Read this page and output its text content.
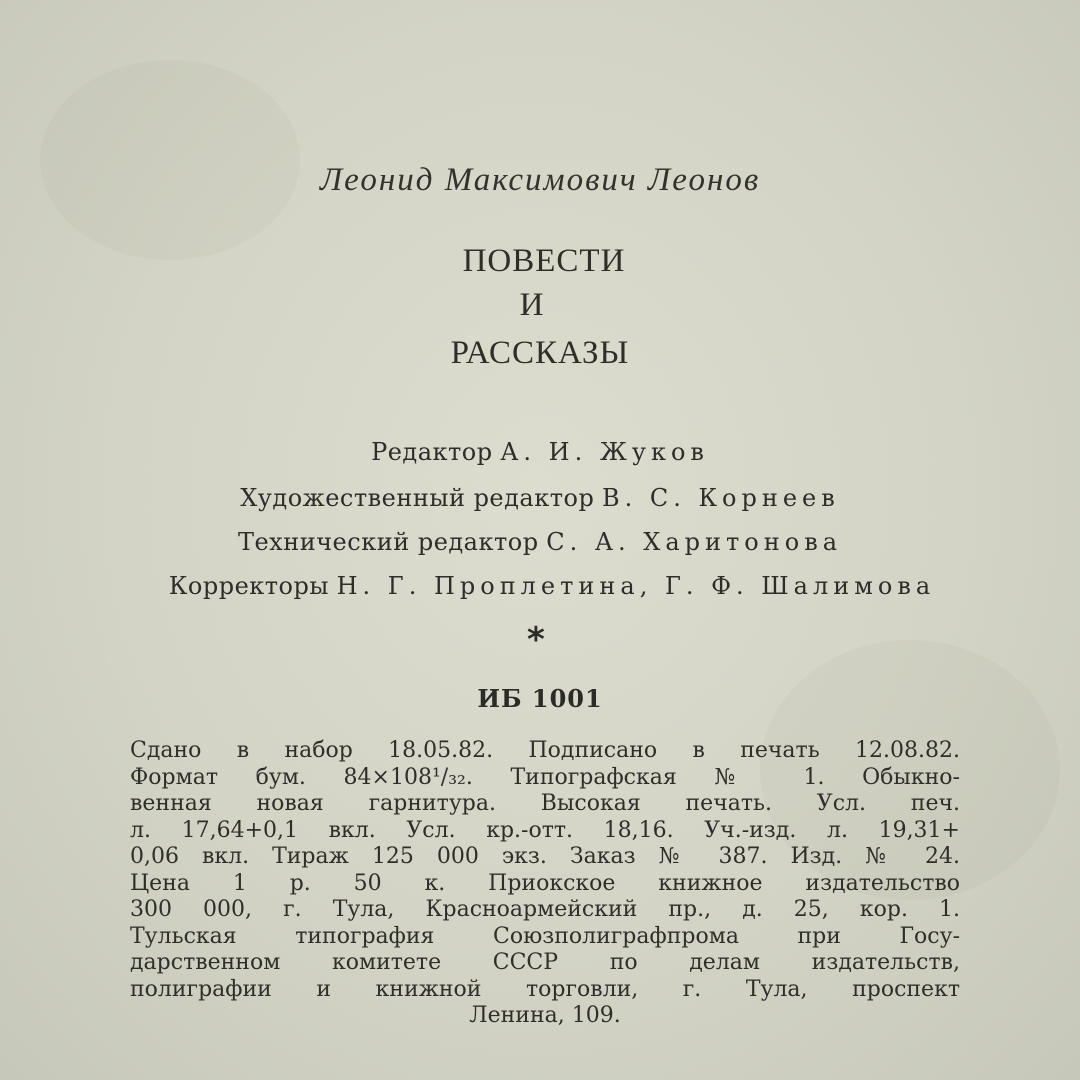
Леонид Максимович Леонов
ПОВЕСТИ
И
РАССКАЗЫ
Редактор А. И. Жуков
Художественный редактор В. С. Корнеев
Технический редактор С. А. Харитонова
Корректоры Н. Г. Проплетина, Г. Ф. Шалимова
*
ИБ 1001
Сдано в набор 18.05.82. Подписано в печать 12.08.82.
Формат бум. 84×108¹/₃₂. Типографская № 1. Обыкно-
венная новая гарнитура. Высокая печать. Усл. печ.
л. 17,64+0,1 вкл. Усл. кр.-отт. 18,16. Уч.-изд. л. 19,31+
0,06 вкл. Тираж 125 000 экз. Заказ № 387. Изд. № 24.
Цена 1 р. 50 к. Приокское книжное издательство
300 000, г. Тула, Красноармейский пр., д. 25, кор. 1.
Тульская типография Союзполиграфпрома при Госу-
дарственном комитете СССР по делам издательств,
полиграфии и книжной торговли, г. Тула, проспект
Ленина, 109.
